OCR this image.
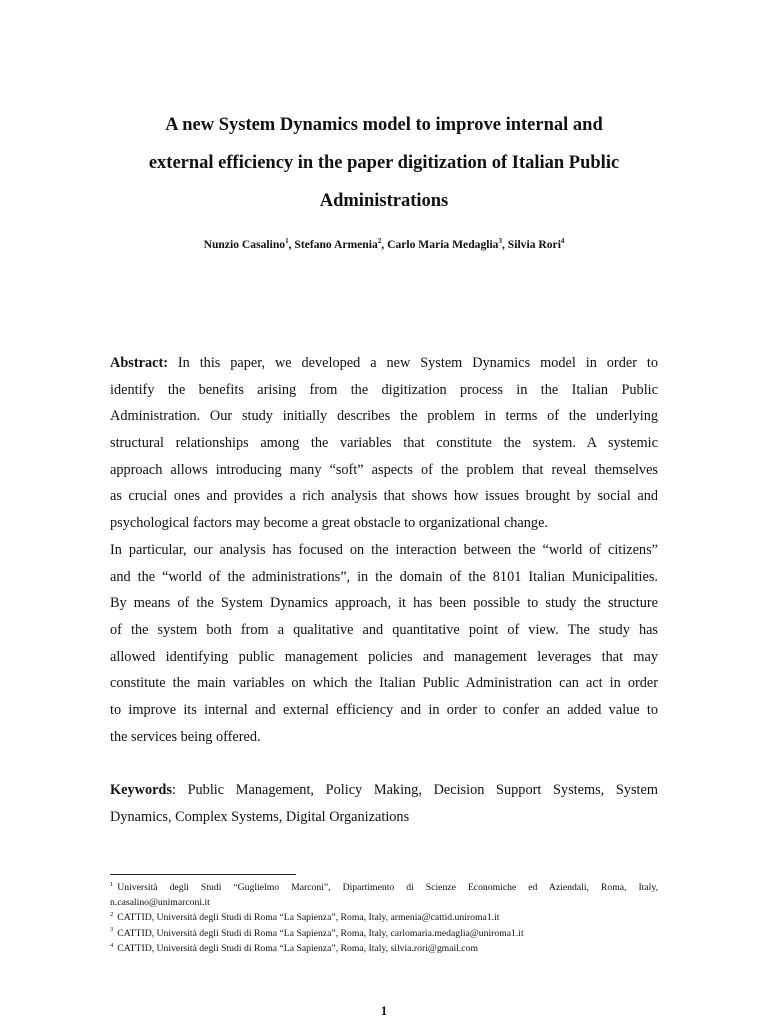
A new System Dynamics model to improve internal and
external efficiency in the paper digitization of Italian Public
Administrations

Nunzio Casalino$^1$, Stefano Armenia$^2$, Carlo Maria Medaglia$^3$, Silvia Rori$^4$

Abstract: In this paper, we developed a new System Dynamics model in order to
identify the benefits arising from the digitization process in the Italian Public
Administration. Our study initially describes the problem in terms of the underlying
structural relationships among the variables that constitute the system. A systemic
approach allows introducing many “soft” aspects of the problem that reveal themselves
as crucial ones and provides a rich analysis that shows how issues brought by social and
psychological factors may become a great obstacle to organizational change.
In particular, our analysis has focused on the interaction between the “world of citizens”
and the “world of the administrations”, in the domain of the 8101 Italian Municipalities.
By means of the System Dynamics approach, it has been possible to study the structure
of the system both from a qualitative and quantitative point of view. The study has
allowed identifying public management policies and management leverages that may
constitute the main variables on which the Italian Public Administration can act in order
to improve its internal and external efficiency and in order to confer an added value to
the services being offered.
Keywords: Public Management, Policy Making, Decision Support Systems, System
Dynamics, Complex Systems, Digital Organizations
$^1$ Università degli Studi “Guglielmo Marconi”, Dipartimento di Scienze Economiche ed Aziendali, Roma, Italy,
n.casalino@unimarconi.it
$^2$ CATTID, Università degli Studi di Roma “La Sapienza”, Roma, Italy, armenia@cattid.uniroma1.it
$^3$ CATTID, Università degli Studi di Roma “La Sapienza”, Roma, Italy, carlomaria.medaglia@uniroma1.it
$^4$ CATTID, Università degli Studi di Roma “La Sapienza”, Roma, Italy, silvia.rori@gmail.com
1
